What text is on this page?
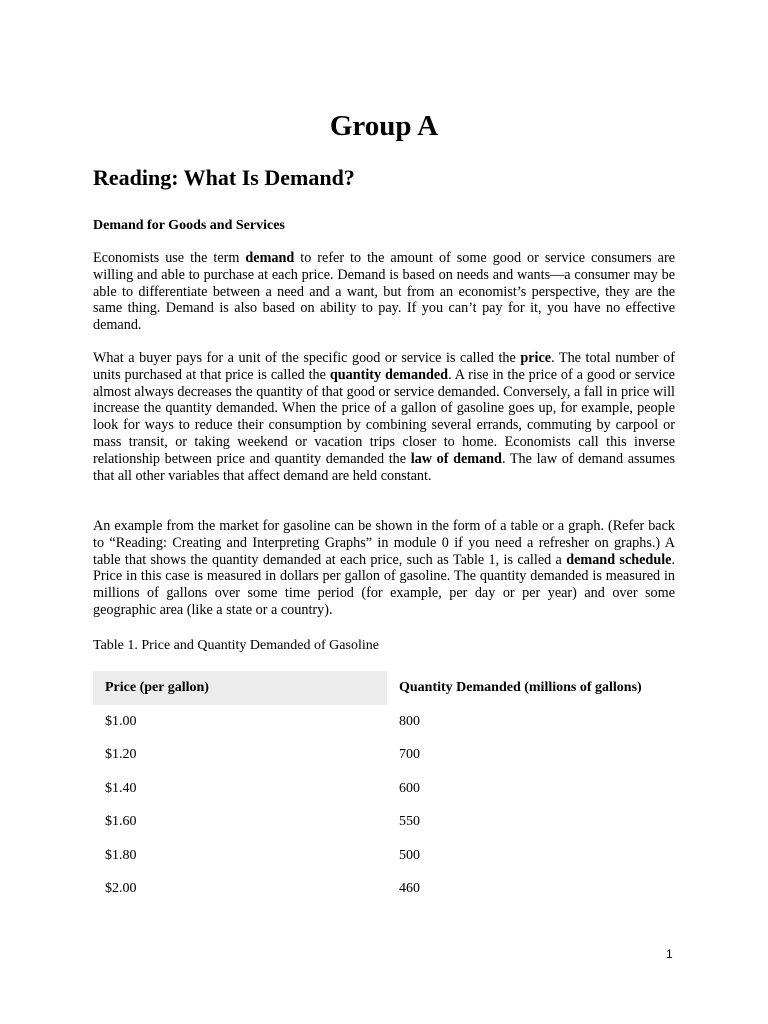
Group A
Reading: What Is Demand?
Demand for Goods and Services

Economists use the term demand to refer to the amount of some good or service consumers are willing and able to purchase at each price. Demand is based on needs and wants—a consumer may be able to differentiate between a need and a want, but from an economist’s perspective, they are the same thing. Demand is also based on ability to pay. If you can’t pay for it, you have no effective demand.

What a buyer pays for a unit of the specific good or service is called the price. The total number of units purchased at that price is called the quantity demanded. A rise in the price of a good or service almost always decreases the quantity of that good or service demanded. Conversely, a fall in price will increase the quantity demanded. When the price of a gallon of gasoline goes up, for example, people look for ways to reduce their consumption by combining several errands, commuting by carpool or mass transit, or taking weekend or vacation trips closer to home. Economists call this inverse relationship between price and quantity demanded the law of demand. The law of demand assumes that all other variables that affect demand are held constant.

An example from the market for gasoline can be shown in the form of a table or a graph. (Refer back to “Reading: Creating and Interpreting Graphs” in module 0 if you need a refresher on graphs.) A table that shows the quantity demanded at each price, such as Table 1, is called a demand schedule. Price in this case is measured in dollars per gallon of gasoline. The quantity demanded is measured in millions of gallons over some time period (for example, per day or per year) and over some geographic area (like a state or a country).

Table 1. Price and Quantity Demanded of Gasoline

Price (per gallon)	Quantity Demanded (millions of gallons)
$1.00	800
$1.20	700
$1.40	600
$1.60	550
$1.80	500
$2.00	460
1
